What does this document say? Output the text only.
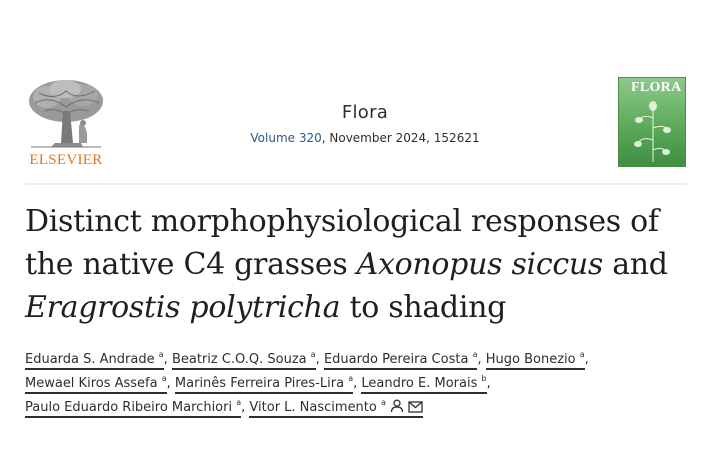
ELSEVIER
Flora
Volume 320, November 2024, 152621
FLORA
Distinct morphophysiological responses of the native C4 grasses Axonopus siccus and
Eragrostis polytricha to shading
Eduarda S. Andrade $^a$, Beatriz C.O.Q. Souza $^a$, Eduardo Pereira Costa $^a$, Hugo Bonezio $^a$,
Mewael Kiros Assefa $^a$, Marinês Ferreira Pires-Lira $^a$, Leandro E. Morais $^b$,
Paulo Eduardo Ribeiro Marchiori $^a$, Vitor L. Nascimento $^a$
